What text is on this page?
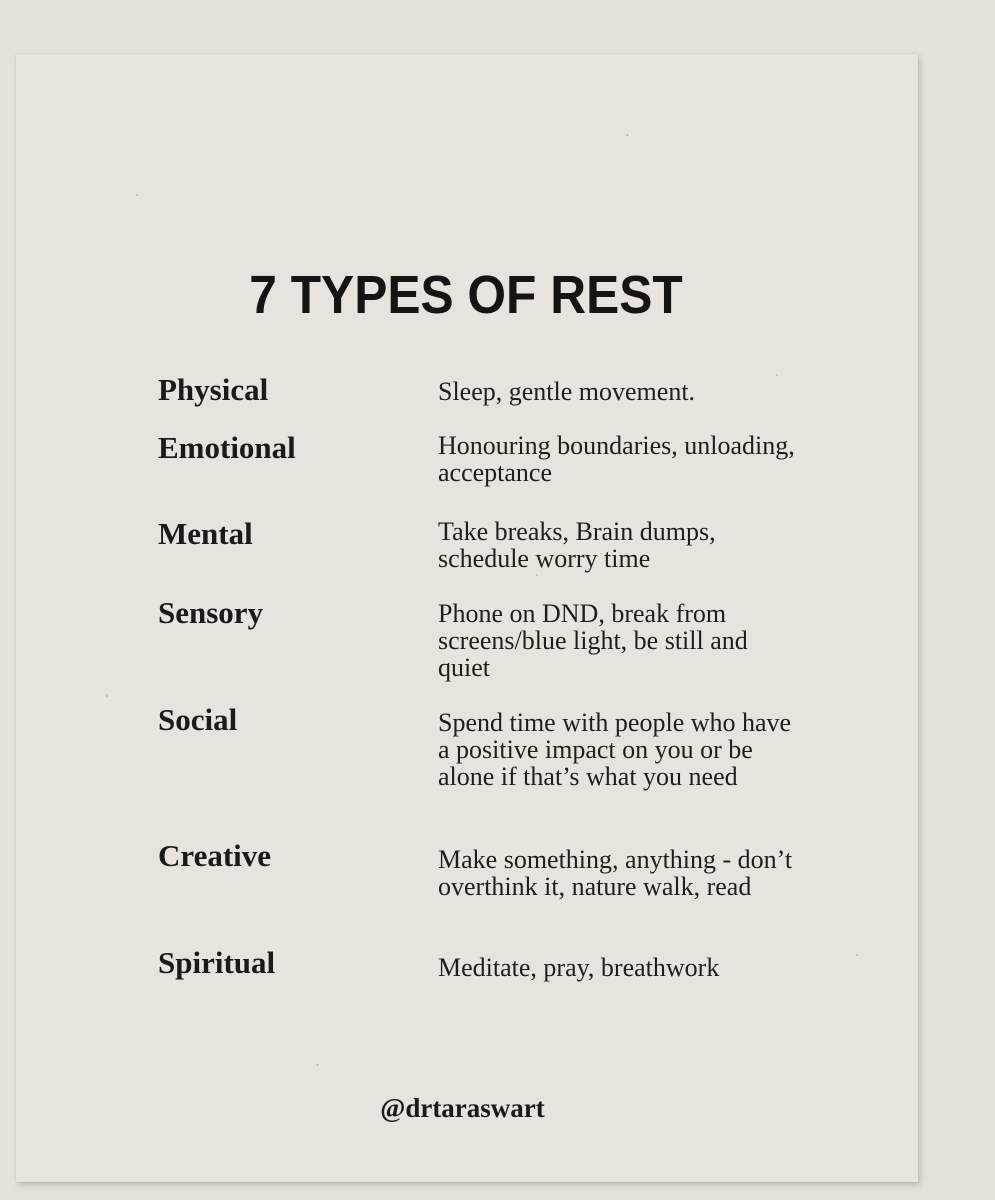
7 TYPES OF REST
Physical	Sleep, gentle movement.
Emotional	Honouring boundaries, unloading, acceptance
Mental	Take breaks, Brain dumps, schedule worry time
Sensory	Phone on DND, break from screens/blue light, be still and quiet
Social	Spend time with people who have a positive impact on you or be alone if that’s what you need
Creative	Make something, anything - don’t overthink it, nature walk, read
Spiritual	Meditate, pray, breathwork
@drtaraswart
